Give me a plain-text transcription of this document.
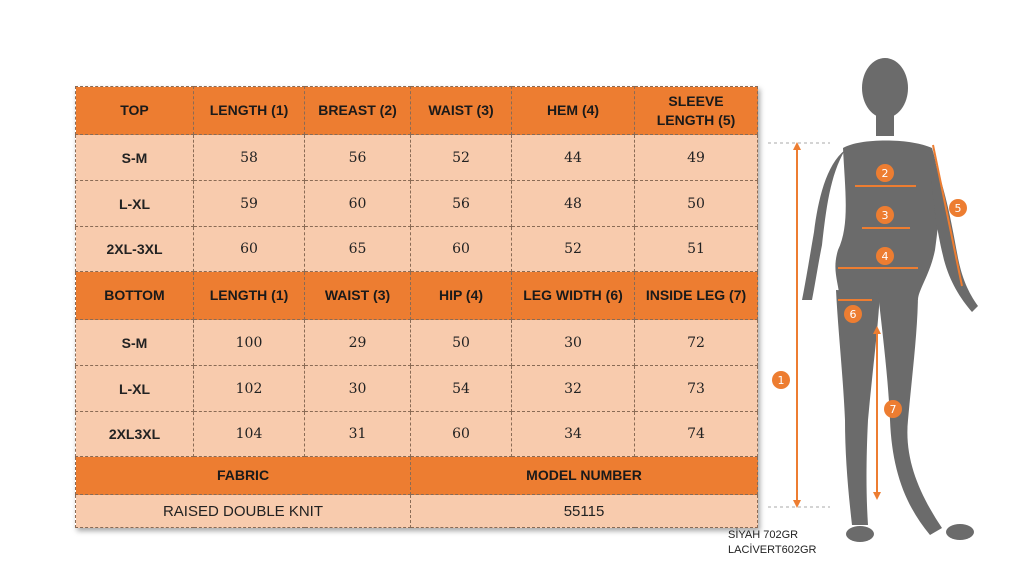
TOP	LENGTH (1)	BREAST (2)	WAIST (3)	HEM (4)	SLEEVE LENGTH (5)
S-M	58	56	52	44	49
L-XL	59	60	56	48	50
2XL-3XL	60	65	60	52	51
BOTTOM	LENGTH (1)	WAIST (3)	HIP (4)	LEG WIDTH (6)	INSIDE LEG (7)
S-M	100	29	50	30	72
L-XL	102	30	54	32	73
2XL3XL	104	31	60	34	74
FABRIC			MODEL NUMBER		
RAISED DOUBLE KNIT			55115		
SİYAH 702GR
LACİVERT602GR
1
2
3
4
5
6
7
